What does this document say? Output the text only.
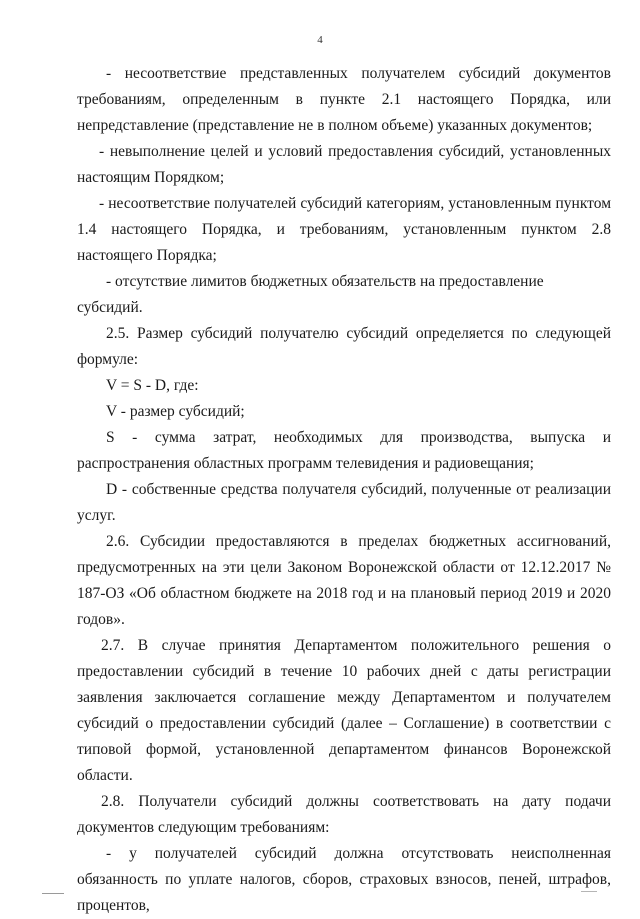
4

- несоответствие представленных получателем субсидий документов требованиям, определенным в пункте 2.1 настоящего Порядка, или непредставление (представление не в полном объеме) указанных документов;

- невыполнение целей и условий предоставления субсидий, установленных настоящим Порядком;

- несоответствие получателей субсидий категориям, установленным пунктом 1.4 настоящего Порядка, и требованиям, установленным пунктом 2.8 настоящего Порядка;

- отсутствие лимитов бюджетных обязательств на предоставление субсидий.

2.5. Размер субсидий получателю субсидий определяется по следующей формуле:

V = S - D, где:

V - размер субсидий;

S - сумма затрат, необходимых для производства, выпуска и распространения областных программ телевидения и радиовещания;

D - собственные средства получателя субсидий, полученные от реализации услуг.

2.6. Субсидии предоставляются в пределах бюджетных ассигнований, предусмотренных на эти цели Законом Воронежской области от 12.12.2017 № 187-ОЗ «Об областном бюджете на 2018 год и на плановый период 2019 и 2020 годов».

2.7. В случае принятия Департаментом положительного решения о предоставлении субсидий в течение 10 рабочих дней с даты регистрации заявления заключается соглашение между Департаментом и получателем субсидий о предоставлении субсидий (далее – Соглашение) в соответствии с типовой формой, установленной департаментом финансов Воронежской области.

2.8. Получатели субсидий должны соответствовать на дату подачи документов следующим требованиям:

- у получателей субсидий должна отсутствовать неисполненная обязанность по уплате налогов, сборов, страховых взносов, пеней, штрафов, процентов,
